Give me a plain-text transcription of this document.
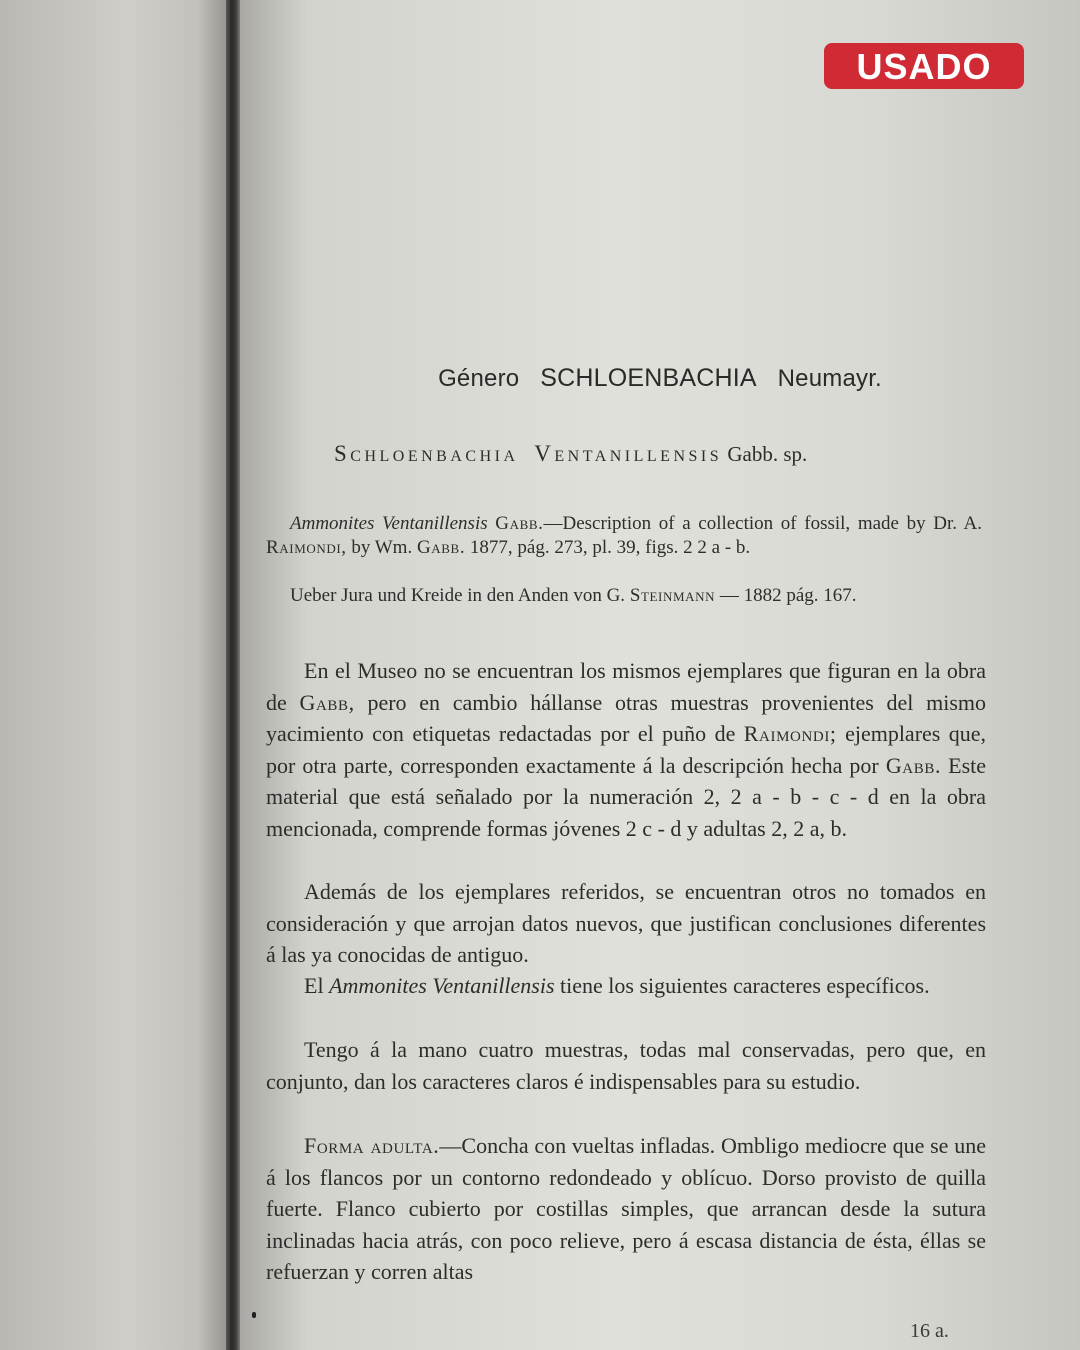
USADO
Género SCHLOENBACHIA Neumayr.
Schloenbachia Ventanillensis Gabb. sp.
Ammonites Ventanillensis Gabb.—Description of a collection of fossil, made by Dr. A. Raimondi, by Wm. Gabb. 1877, pág. 273, pl. 39, figs. 2 2 a - b.
Ueber Jura und Kreide in den Anden von G. Steinmann — 1882 pág. 167.
En el Museo no se encuentran los mismos ejemplares que figuran en la obra de Gabb, pero en cambio hállanse otras muestras provenientes del mismo yacimiento con etiquetas redactadas por el puño de Raimondi; ejemplares que, por otra parte, corresponden exactamente á la descripción hecha por Gabb. Este material que está señalado por la numeración 2, 2 a - b - c - d en la obra mencionada, comprende formas jóvenes 2 c - d y adultas 2, 2 a, b.
Además de los ejemplares referidos, se encuentran otros no tomados en consideración y que arrojan datos nuevos, que justifican conclusiones diferentes á las ya conocidas de antiguo.
El Ammonites Ventanillensis tiene los siguientes caracteres específicos.
Tengo á la mano cuatro muestras, todas mal conservadas, pero que, en conjunto, dan los caracteres claros é indispensables para su estudio.
Forma adulta.—Concha con vueltas infladas. Ombligo mediocre que se une á los flancos por un contorno redondeado y oblícuo. Dorso provisto de quilla fuerte. Flanco cubierto por costillas simples, que arrancan desde la sutura inclinadas hacia atrás, con poco relieve, pero á escasa distancia de ésta, éllas se refuerzan y corren altas
16 a.
